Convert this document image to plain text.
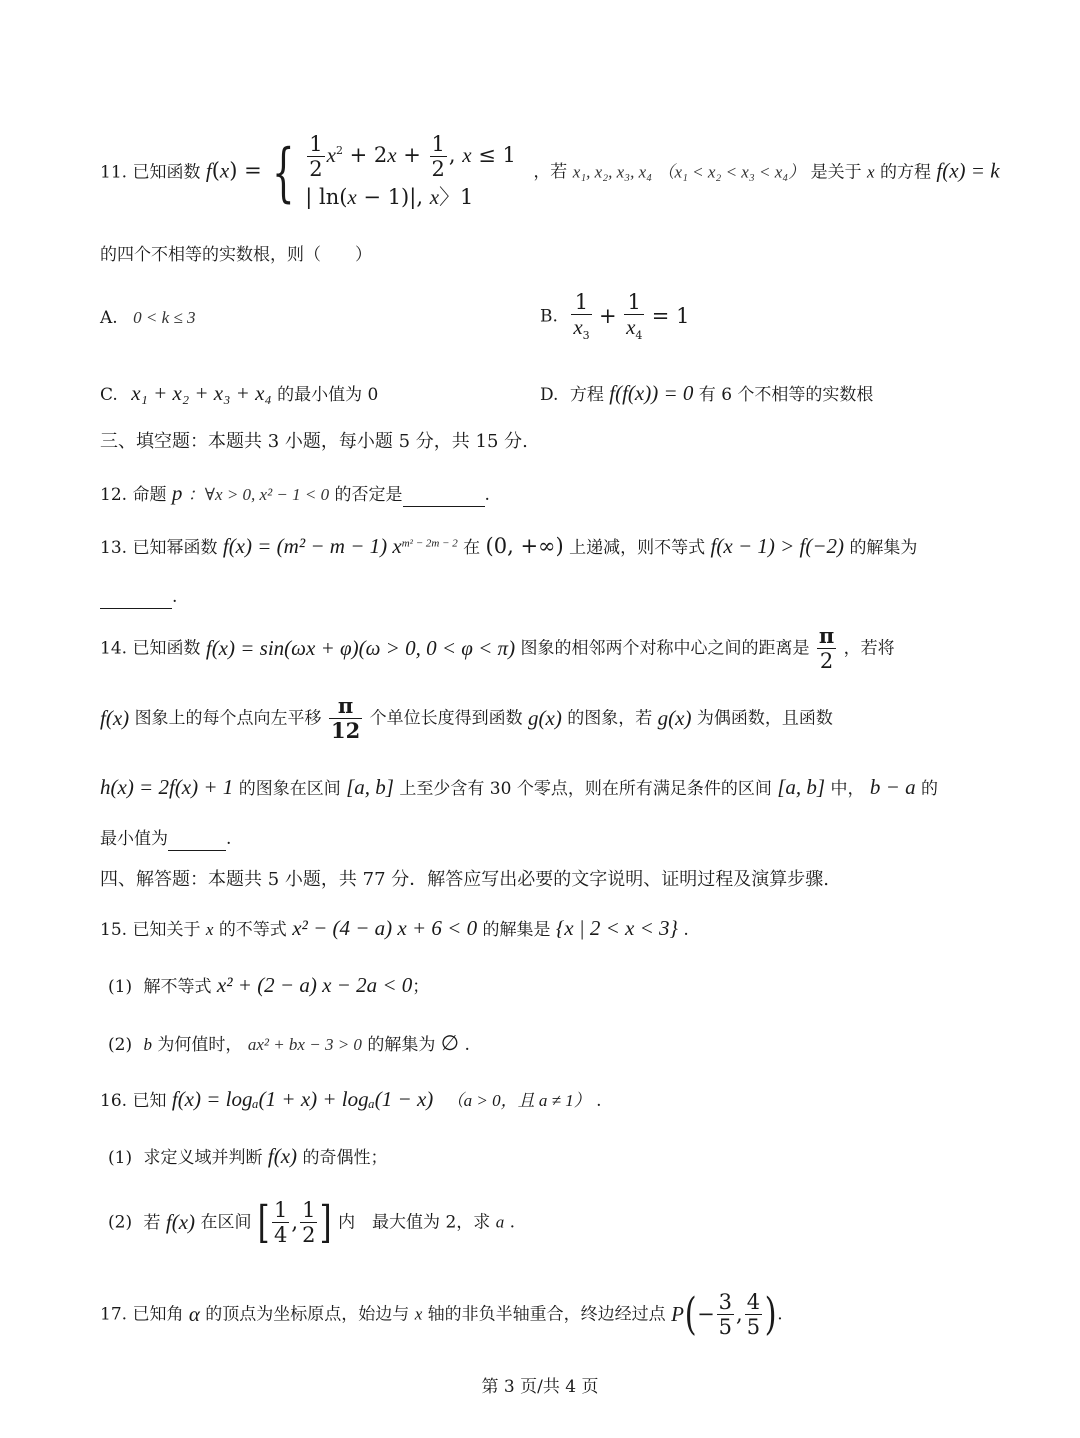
11. 已知函数 f(x) = { $\frac{1}{2} x^2 + 2x + \frac{1}{2}$ , x ≤ 1
| ln(x − 1)|, x〉1
，若 x₁, x₂, x₃, x₄ （x₁ < x₂ < x₃ < x₄） 是关于 x 的方程 f(x) = k
的四个不相等的实数根，则（　　）
A. 0 < k ≤ 3	B. $\frac{1}{x_3} + \frac{1}{x_4} = 1$
C. x₁ + x₂ + x₃ + x₄ 的最小值为 0	D. 方程 f(f(x)) = 0 有 6 个不相等的实数根
三、填空题：本题共 3 小题，每小题 5 分，共 15 分.
12. 命题 p ：∀x > 0, x² − 1 < 0 的否定是	.
13. 已知幂函数 f(x) = (m² − m − 1) $x^{m^2 - 2m - 2}$ 在 (0, +∞) 上递减，则不等式 f(x − 1) > f(−2) 的解集为
.
14. 已知函数 f(x) = sin(ωx + φ)(ω > 0, 0 < φ < π) 图象的相邻两个对称中心之间的距离是 $\frac{\pi}{2}$ ，若将
f(x) 图象上的每个点向左平移 $\frac{\pi}{12}$ 个单位长度得到函数 g(x) 的图象，若 g(x) 为偶函数，且函数
h(x) = 2f(x) + 1 的图象在区间 [a, b] 上至少含有 30 个零点，则在所有满足条件的区间 [a, b] 中， b − a 的
最小值为	.
四、解答题：本题共 5 小题，共 77 分．解答应写出必要的文字说明、证明过程及演算步骤.
15. 已知关于 x 的不等式 x² − (4 − a) x + 6 < 0 的解集是 {x | 2 < x < 3} .
(1) 解不等式 x² + (2 − a) x − 2a < 0；
(2) b 为何值时， ax² + bx − 3 > 0 的解集为 ∅ .
16. 已知 f(x) = logₐ(1 + x) + logₐ(1 − x) （a > 0，且 a ≠ 1） .
(1) 求定义域并判断 f(x) 的奇偶性；
(2) 若 f(x) 在区间 [ $\frac{1}{4}$ , $\frac{1}{2}$ ] 内　最大值为 2，求 a .
17. 已知角 α 的顶点为坐标原点，始边与 x 轴的非负半轴重合，终边经过点 $P(- \frac{3}{5}$ , $\frac{4}{5}$ ).
第 3 页/共 4 页
